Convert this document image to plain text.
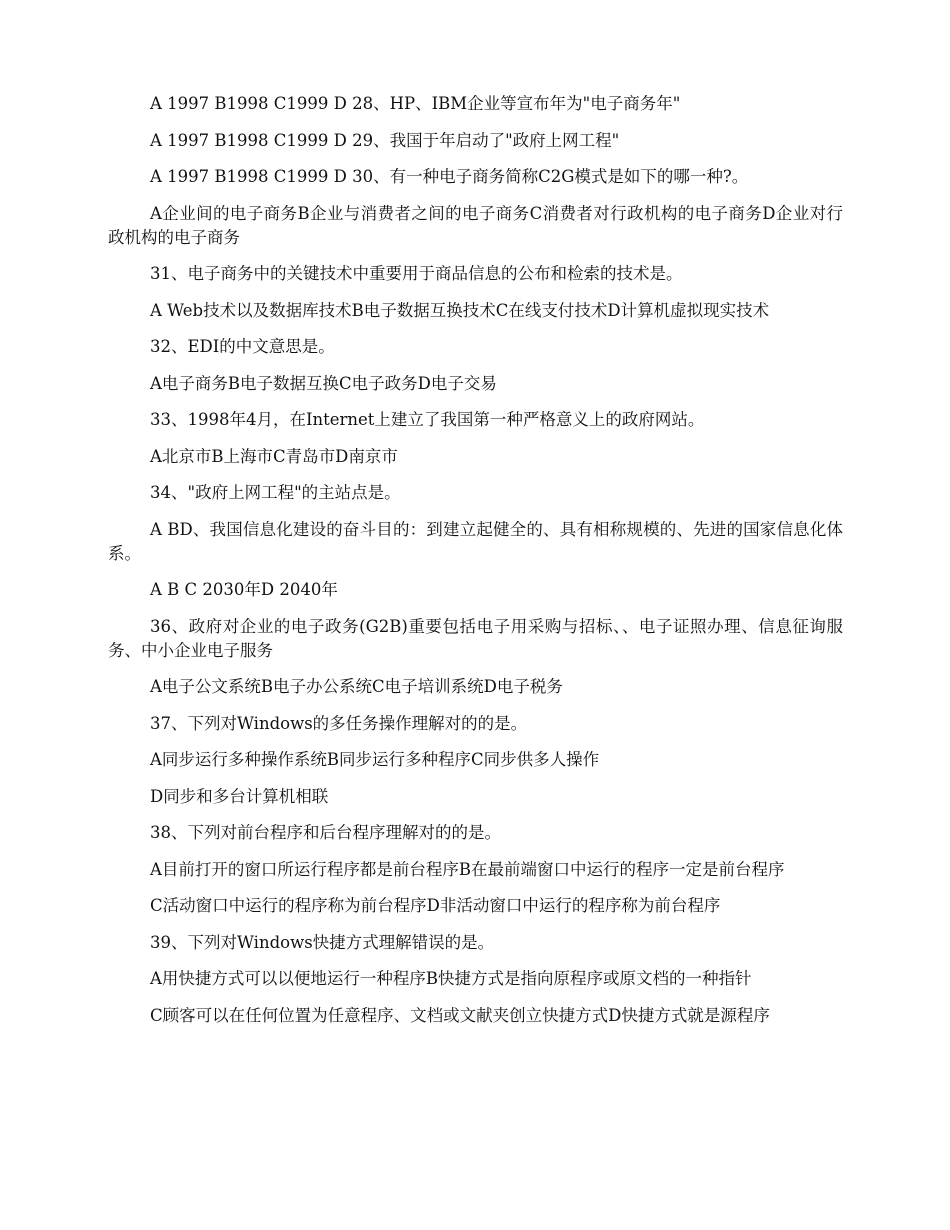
A 1997 B1998 C1999 D 28、HP、IBM企业等宣布年为"电子商务年"

A 1997 B1998 C1999 D 29、我国于年启动了"政府上网工程"

A 1997 B1998 C1999 D 30、有一种电子商务简称C2G模式是如下的哪一种?。

A企业间的电子商务B企业与消费者之间的电子商务C消费者对行政机构的电子商务D企业对行政机构的电子商务

31、电子商务中的关键技术中重要用于商品信息的公布和检索的技术是。

A Web技术以及数据库技术B电子数据互换技术C在线支付技术D计算机虚拟现实技术

32、EDI的中文意思是。

A电子商务B电子数据互换C电子政务D电子交易

33、1998年4月，在Internet上建立了我国第一种严格意义上的政府网站。

A北京市B上海市C青岛市D南京市

34、"政府上网工程"的主站点是。

A BD、我国信息化建设的奋斗目的：到建立起健全的、具有相称规模的、先进的国家信息化体系。

A B C 2030年D 2040年

36、政府对企业的电子政务(G2B)重要包括电子用采购与招标、、电子证照办理、信息征询服务、中小企业电子服务

A电子公文系统B电子办公系统C电子培训系统D电子税务

37、下列对Windows的多任务操作理解对的的是。

A同步运行多种操作系统B同步运行多种程序C同步供多人操作

D同步和多台计算机相联

38、下列对前台程序和后台程序理解对的的是。

A目前打开的窗口所运行程序都是前台程序B在最前端窗口中运行的程序一定是前台程序

C活动窗口中运行的程序称为前台程序D非活动窗口中运行的程序称为前台程序

39、下列对Windows快捷方式理解错误的是。

A用快捷方式可以以便地运行一种程序B快捷方式是指向原程序或原文档的一种指针

C顾客可以在任何位置为任意程序、文档或文献夹创立快捷方式D快捷方式就是源程序
